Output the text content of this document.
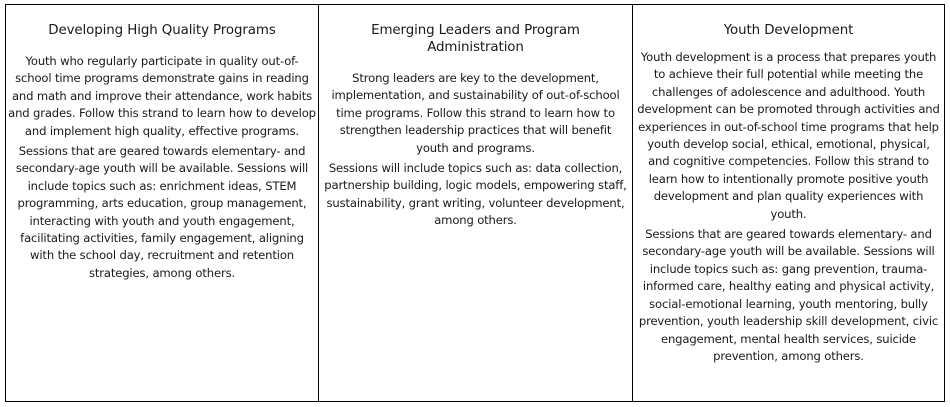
Developing High Quality Programs

Youth who regularly participate in quality out-of-school time programs demonstrate gains in reading and math and improve their attendance, work habits and grades. Follow this strand to learn how to develop and implement high quality, effective programs.

Sessions that are geared towards elementary- and secondary-age youth will be available. Sessions will include topics such as: enrichment ideas, STEM programming, arts education, group management, interacting with youth and youth engagement, facilitating activities, family engagement, aligning with the school day, recruitment and retention strategies, among others.

Emerging Leaders and Program Administration

Strong leaders are key to the development, implementation, and sustainability of out-of-school time programs. Follow this strand to learn how to strengthen leadership practices that will benefit youth and programs.

Sessions will include topics such as: data collection, partnership building, logic models, empowering staff, sustainability, grant writing, volunteer development, among others.

Youth Development

Youth development is a process that prepares youth to achieve their full potential while meeting the challenges of adolescence and adulthood. Youth development can be promoted through activities and experiences in out-of-school time programs that help youth develop social, ethical, emotional, physical, and cognitive competencies. Follow this strand to learn how to intentionally promote positive youth development and plan quality experiences with youth.

Sessions that are geared towards elementary- and secondary-age youth will be available. Sessions will include topics such as: gang prevention, trauma-informed care, healthy eating and physical activity, social-emotional learning, youth mentoring, bully prevention, youth leadership skill development, civic engagement, mental health services, suicide prevention, among others.
